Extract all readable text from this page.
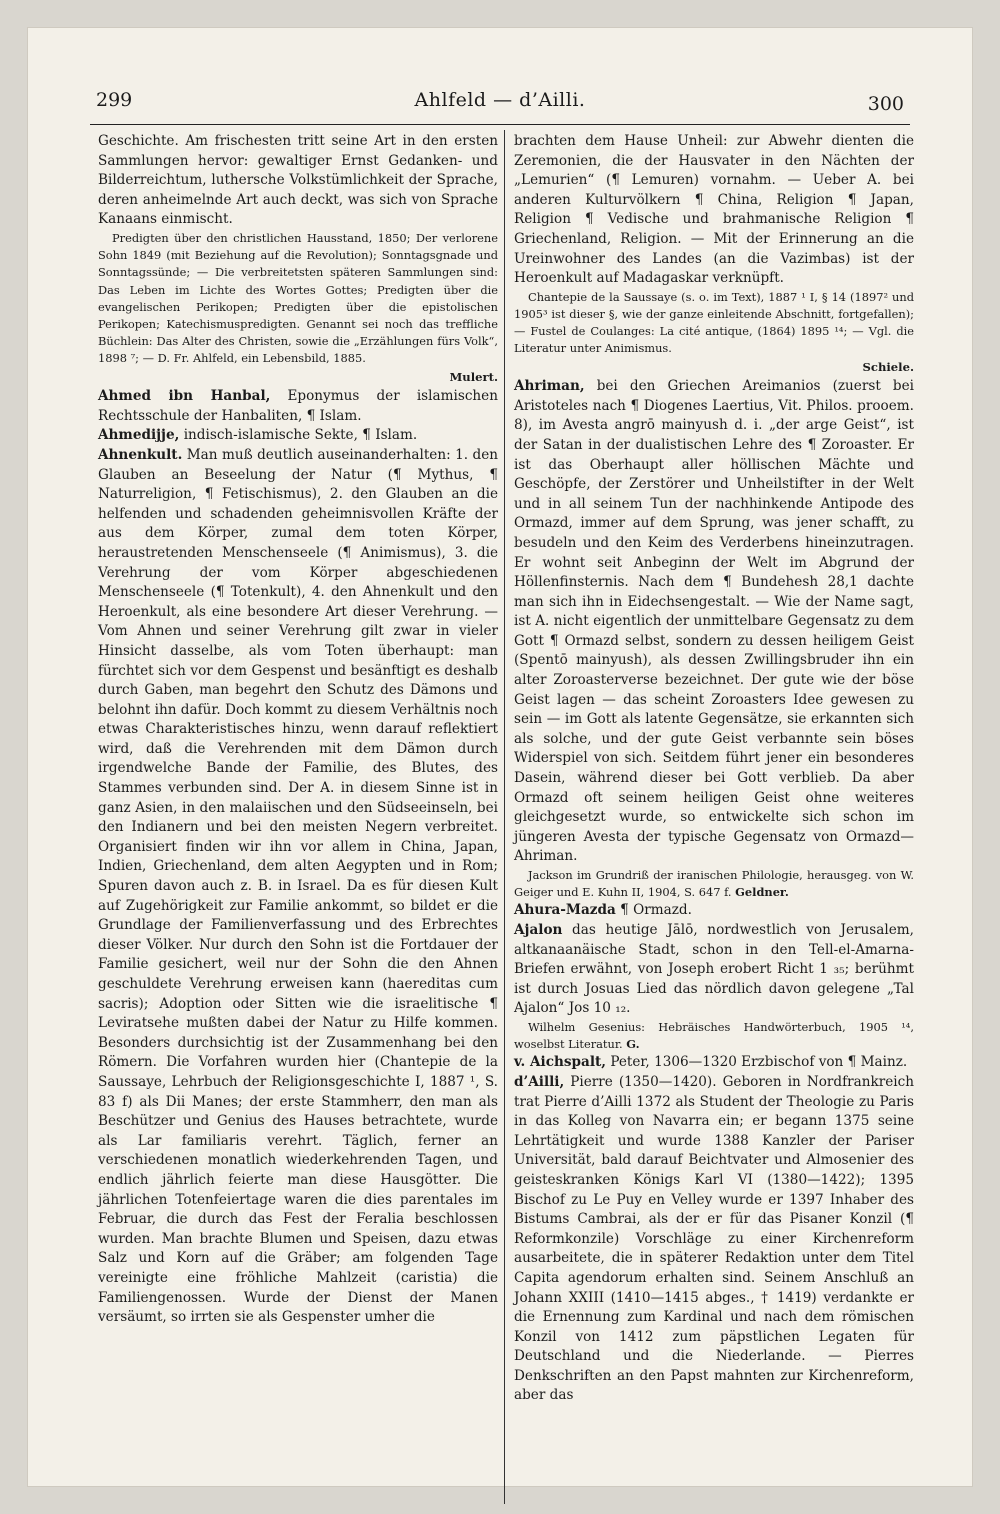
299	Ahlfeld — d’Ailli.	300

Geschichte. Am frischesten tritt seine Art in den ersten Sammlungen hervor: gewaltiger Ernst Gedanken- und Bilderreichtum, luthersche Volkstümlichkeit der Sprache, deren anheimelnde Art auch deckt, was sich von Sprache Kanaans einmischt.

Predigten über den christlichen Hausstand, 1850; Der verlorene Sohn 1849 (mit Beziehung auf die Revolution); Sonntagsgnade und Sonntagssünde; — Die verbreitetsten späteren Sammlungen sind: Das Leben im Lichte des Wortes Gottes; Predigten über die evangelischen Perikopen; Predigten über die epistolischen Perikopen; Katechismuspredigten. Genannt sei noch das treffliche Büchlein: Das Alter des Christen, sowie die „Erzählungen fürs Volk“, 1898 ⁷; — D. Fr. Ahlfeld, ein Lebensbild, 1885.

Mulert.

Ahmed ibn Hanbal, Eponymus der islamischen Rechtsschule der Hanbaliten, ¶ Islam.

Ahmedijje, indisch-islamische Sekte, ¶ Islam.

Ahnenkult. Man muß deutlich auseinanderhalten: 1. den Glauben an Beseelung der Natur (¶ Mythus, ¶ Naturreligion, ¶ Fetischismus), 2. den Glauben an die helfenden und schadenden geheimnisvollen Kräfte der aus dem Körper, zumal dem toten Körper, heraustretenden Menschenseele (¶ Animismus), 3. die Verehrung der vom Körper abgeschiedenen Menschenseele (¶ Totenkult), 4. den Ahnenkult und den Heroenkult, als eine besondere Art dieser Verehrung. — Vom Ahnen und seiner Verehrung gilt zwar in vieler Hinsicht dasselbe, als vom Toten überhaupt: man fürchtet sich vor dem Gespenst und besänftigt es deshalb durch Gaben, man begehrt den Schutz des Dämons und belohnt ihn dafür. Doch kommt zu diesem Verhältnis noch etwas Charakteristisches hinzu, wenn darauf reflektiert wird, daß die Verehrenden mit dem Dämon durch irgendwelche Bande der Familie, des Blutes, des Stammes verbunden sind. Der A. in diesem Sinne ist in ganz Asien, in den malaiischen und den Südseeinseln, bei den Indianern und bei den meisten Negern verbreitet. Organisiert finden wir ihn vor allem in China, Japan, Indien, Griechenland, dem alten Aegypten und in Rom; Spuren davon auch z. B. in Israel. Da es für diesen Kult auf Zugehörigkeit zur Familie ankommt, so bildet er die Grundlage der Familienverfassung und des Erbrechtes dieser Völker. Nur durch den Sohn ist die Fortdauer der Familie gesichert, weil nur der Sohn die den Ahnen geschuldete Verehrung erweisen kann (haereditas cum sacris); Adoption oder Sitten wie die israelitische ¶ Leviratsehe mußten dabei der Natur zu Hilfe kommen. Besonders durchsichtig ist der Zusammenhang bei den Römern. Die Vorfahren wurden hier (Chantepie de la Saussaye, Lehrbuch der Religionsgeschichte I, 1887 ¹, S. 83 f) als Dii Manes; der erste Stammherr, den man als Beschützer und Genius des Hauses betrachtete, wurde als Lar familiaris verehrt. Täglich, ferner an verschiedenen monatlich wiederkehrenden Tagen, und endlich jährlich feierte man diese Hausgötter. Die jährlichen Totenfeiertage waren die dies parentales im Februar, die durch das Fest der Feralia beschlossen wurden. Man brachte Blumen und Speisen, dazu etwas Salz und Korn auf die Gräber; am folgenden Tage vereinigte eine fröhliche Mahlzeit (caristia) die Familiengenossen. Wurde der Dienst der Manen versäumt, so irrten sie als Gespenster umher die

brachten dem Hause Unheil: zur Abwehr dienten die Zeremonien, die der Hausvater in den Nächten der „Lemurien“ (¶ Lemuren) vornahm. — Ueber A. bei anderen Kulturvölkern ¶ China, Religion ¶ Japan, Religion ¶ Vedische und brahmanische Religion ¶ Griechenland, Religion. — Mit der Erinnerung an die Ureinwohner des Landes (an die Vazimbas) ist der Heroenkult auf Madagaskar verknüpft.

Chantepie de la Saussaye (s. o. im Text), 1887 ¹ I, § 14 (1897² und 1905³ ist dieser §, wie der ganze einleitende Abschnitt, fortgefallen); — Fustel de Coulanges: La cité antique, (1864) 1895 ¹⁴; — Vgl. die Literatur unter Animismus.

Schiele.

Ahriman, bei den Griechen Areimanios (zuerst bei Aristoteles nach ¶ Diogenes Laertius, Vit. Philos. prooem. 8), im Avesta angrō mainyush d. i. „der arge Geist“, ist der Satan in der dualistischen Lehre des ¶ Zoroaster. Er ist das Oberhaupt aller höllischen Mächte und Geschöpfe, der Zerstörer und Unheilstifter in der Welt und in all seinem Tun der nachhinkende Antipode des Ormazd, immer auf dem Sprung, was jener schafft, zu besudeln und den Keim des Verderbens hineinzutragen. Er wohnt seit Anbeginn der Welt im Abgrund der Höllenfinsternis. Nach dem ¶ Bundehesh 28,1 dachte man sich ihn in Eidechsengestalt. — Wie der Name sagt, ist A. nicht eigentlich der unmittelbare Gegensatz zu dem Gott ¶ Ormazd selbst, sondern zu dessen heiligem Geist (Spentō mainyush), als dessen Zwillingsbruder ihn ein alter Zoroasterverse bezeichnet. Der gute wie der böse Geist lagen — das scheint Zoroasters Idee gewesen zu sein — im Gott als latente Gegensätze, sie erkannten sich als solche, und der gute Geist verbannte sein böses Widerspiel von sich. Seitdem führt jener ein besonderes Dasein, während dieser bei Gott verblieb. Da aber Ormazd oft seinem heiligen Geist ohne weiteres gleichgesetzt wurde, so entwickelte sich schon im jüngeren Avesta der typische Gegensatz von Ormazd—Ahriman.

Jackson im Grundriß der iranischen Philologie, herausgeg. von W. Geiger und E. Kuhn II, 1904, S. 647 f. Geldner.

Ahura-Mazda ¶ Ormazd.

Ajalon das heutige Jālō, nordwestlich von Jerusalem, altkanaanäische Stadt, schon in den Tell-el-Amarna-Briefen erwähnt, von Joseph erobert Richt 1 ₃₅; berühmt ist durch Josuas Lied das nördlich davon gelegene „Tal Ajalon“ Jos 10 ₁₂.

Wilhelm Gesenius: Hebräisches Handwörterbuch, 1905 ¹⁴, woselbst Literatur. G.

v. Aichspalt, Peter, 1306—1320 Erzbischof von ¶ Mainz.

d’Ailli, Pierre (1350—1420). Geboren in Nordfrankreich trat Pierre d’Ailli 1372 als Student der Theologie zu Paris in das Kolleg von Navarra ein; er begann 1375 seine Lehrtätigkeit und wurde 1388 Kanzler der Pariser Universität, bald darauf Beichtvater und Almosenier des geisteskranken Königs Karl VI (1380—1422); 1395 Bischof zu Le Puy en Velley wurde er 1397 Inhaber des Bistums Cambrai, als der er für das Pisaner Konzil (¶ Reformkonzile) Vorschläge zu einer Kirchenreform ausarbeitete, die in späterer Redaktion unter dem Titel Capita agendorum erhalten sind. Seinem Anschluß an Johann XXIII (1410—1415 abges., † 1419) verdankte er die Ernennung zum Kardinal und nach dem römischen Konzil von 1412 zum päpstlichen Legaten für Deutschland und die Niederlande. — Pierres Denkschriften an den Papst mahnten zur Kirchenreform, aber das
